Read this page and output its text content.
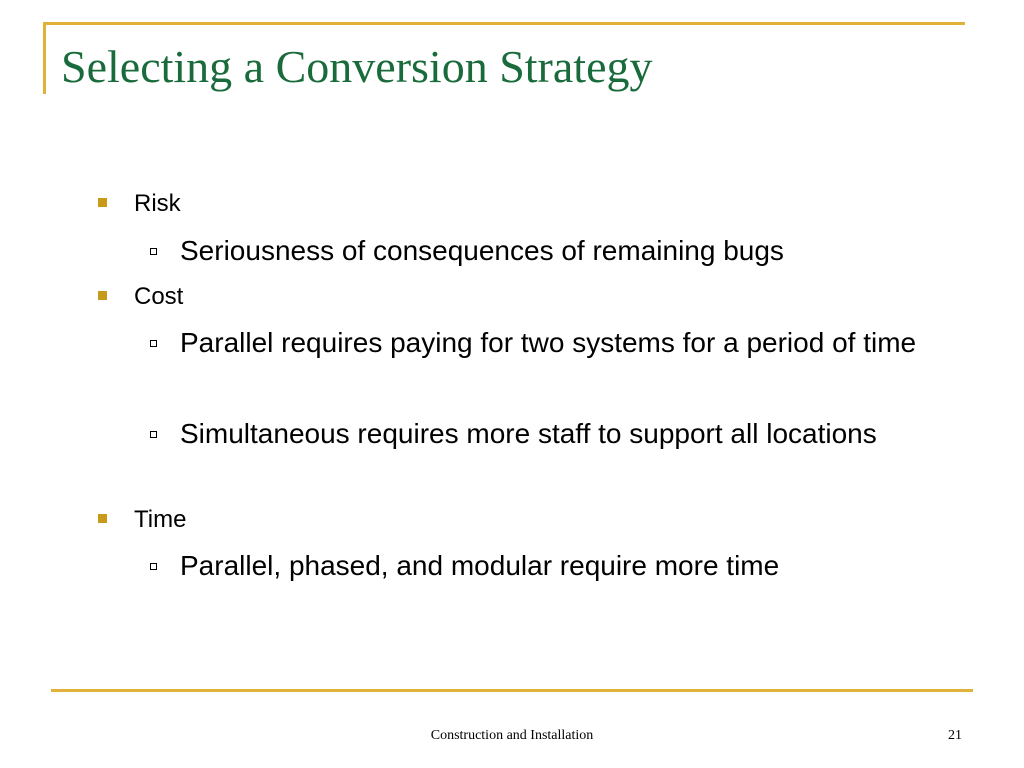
Selecting a Conversion Strategy
Risk
Seriousness of consequences of remaining bugs
Cost
Parallel requires paying for two systems for a period of time
Simultaneous requires more staff to support all locations
Time
Parallel, phased, and modular require more time
Construction and Installation	21
